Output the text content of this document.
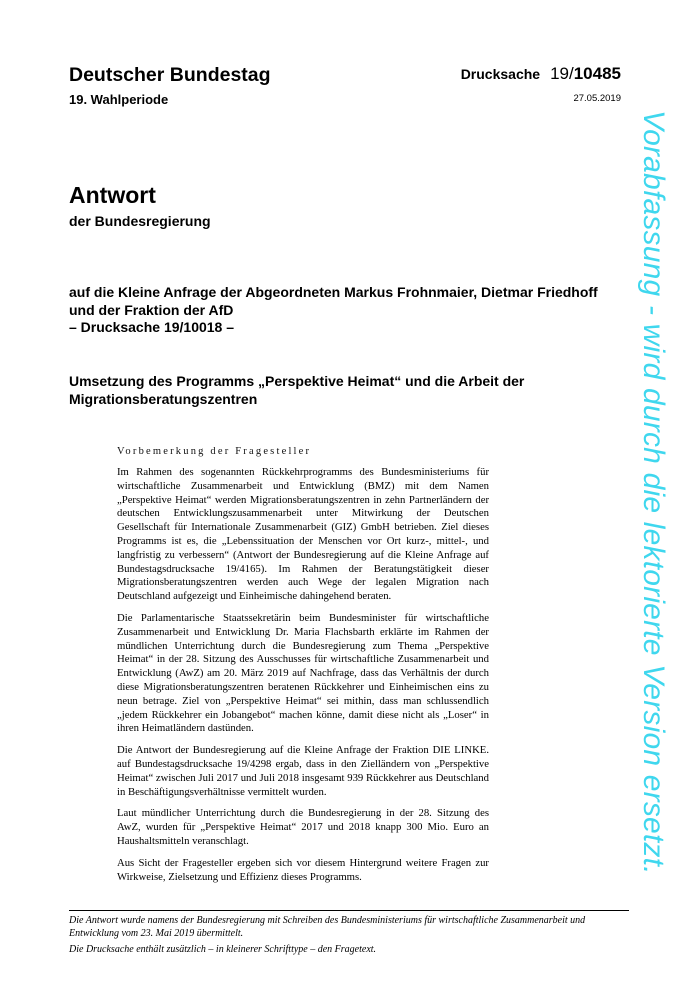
Deutscher Bundestag
19. Wahlperiode
Drucksache 19/10485
27.05.2019
Antwort
der Bundesregierung
auf die Kleine Anfrage der Abgeordneten Markus Frohnmaier, Dietmar Friedhoff
und der Fraktion der AfD
– Drucksache 19/10018 –
Umsetzung des Programms „Perspektive Heimat“ und die Arbeit der
Migrationsberatungszentren
Vorbemerkung der Fragesteller

Im Rahmen des sogenannten Rückkehrprogramms des Bundesministeriums für wirtschaftliche Zusammenarbeit und Entwicklung (BMZ) mit dem Namen „Perspektive Heimat“ werden Migrationsberatungszentren in zehn Partnerländern der deutschen Entwicklungszusammenarbeit unter Mitwirkung der Deutschen Gesellschaft für Internationale Zusammenarbeit (GIZ) GmbH betrieben. Ziel dieses Programms ist es, die „Lebenssituation der Menschen vor Ort kurz-, mittel-, und langfristig zu verbessern“ (Antwort der Bundesregierung auf die Kleine Anfrage auf Bundestagsdrucksache 19/4165). Im Rahmen der Beratungstätigkeit dieser Migrationsberatungszentren werden auch Wege der legalen Migration nach Deutschland aufgezeigt und Einheimische dahingehend beraten.

Die Parlamentarische Staatssekretärin beim Bundesminister für wirtschaftliche Zusammenarbeit und Entwicklung Dr. Maria Flachsbarth erklärte im Rahmen der mündlichen Unterrichtung durch die Bundesregierung zum Thema „Perspektive Heimat“ in der 28. Sitzung des Ausschusses für wirtschaftliche Zusammenarbeit und Entwicklung (AwZ) am 20. März 2019 auf Nachfrage, dass das Verhältnis der durch diese Migrationsberatungszentren beratenen Rückkehrer und Einheimischen eins zu neun betrage. Ziel von „Perspektive Heimat“ sei mithin, dass man schlussendlich „jedem Rückkehrer ein Jobangebot“ machen könne, damit diese nicht als „Loser“ in ihren Heimatländern dastünden.

Die Antwort der Bundesregierung auf die Kleine Anfrage der Fraktion DIE LINKE. auf Bundestagsdrucksache 19/4298 ergab, dass in den Zielländern von „Perspektive Heimat“ zwischen Juli 2017 und Juli 2018 insgesamt 939 Rückkehrer aus Deutschland in Beschäftigungsverhältnisse vermittelt wurden.

Laut mündlicher Unterrichtung durch die Bundesregierung in der 28. Sitzung des AwZ, wurden für „Perspektive Heimat“ 2017 und 2018 knapp 300 Mio. Euro an Haushaltsmitteln veranschlagt.

Aus Sicht der Fragesteller ergeben sich vor diesem Hintergrund weitere Fragen zur Wirkweise, Zielsetzung und Effizienz dieses Programms.

Die Antwort wurde namens der Bundesregierung mit Schreiben des Bundesministeriums für wirtschaftliche Zusammenarbeit und Entwicklung vom 23. Mai 2019 übermittelt.

Die Drucksache enthält zusätzlich – in kleinerer Schrifttype – den Fragetext.

Vorabfassung - wird durch die lektorierte Version ersetzt.
